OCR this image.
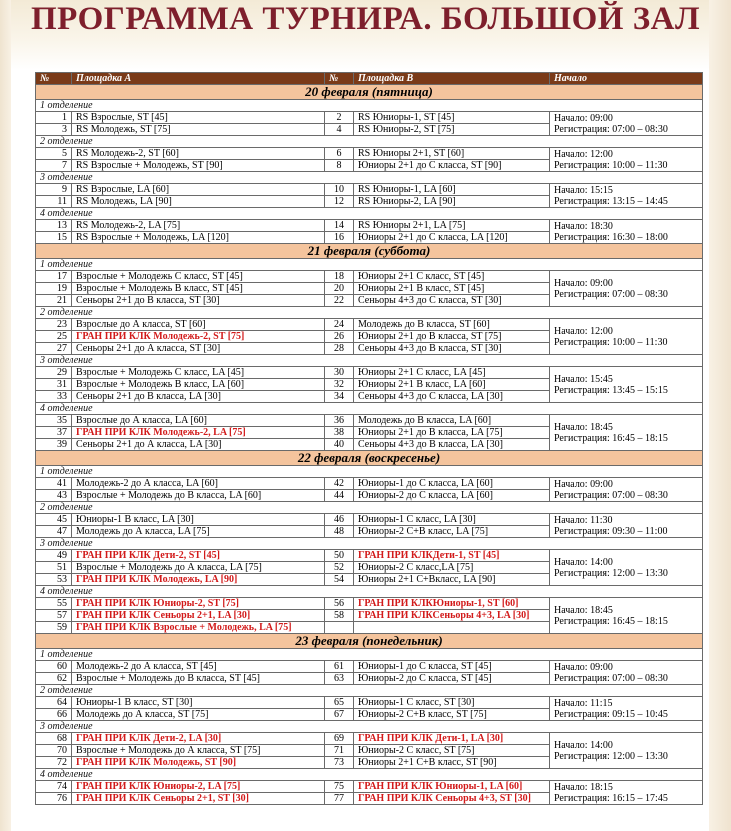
ПРОГРАММА ТУРНИРА. БОЛЬШОЙ ЗАЛ
№	Площадка А	№	Площадка В	Начало
20 февраля (пятница)				
1 отделение				
1	RS Взрослые, ST [45]	2	RS Юниоры-1, ST [45]	Начало: 09:00
Регистрация: 07:00 – 08:30

3	RS Молодежь, ST [75]	4	RS Юниоры-2, ST [75]	
2 отделение				
5	RS Молодежь-2, ST [60]	6	RS Юниоры 2+1, ST [60]	Начало: 12:00
Регистрация: 10:00 – 11:30

7	RS Взрослые + Молодежь, ST [90]	8	Юниоры 2+1 до С класса, ST [90]	
3 отделение				
9	RS Взрослые, LA [60]	10	RS Юниоры-1, LA [60]	Начало: 15:15
Регистрация: 13:15 – 14:45

11	RS Молодежь, LA [90]	12	RS Юниоры-2, LA [90]	
4 отделение				
13	RS Молодежь-2, LA [75]	14	RS Юниоры 2+1, LA [75]	Начало: 18:30
Регистрация: 16:30 – 18:00

15	RS Взрослые + Молодежь, LA [120]	16	Юниоры 2+1 до С класса, LA [120]	
21 февраля (суббота)				
1 отделение				
17	Взрослые + Молодежь С класс, ST [45]	18	Юниоры 2+1 С класс, ST [45]	Начало: 09:00
Регистрация: 07:00 – 08:30

19	Взрослые + Молодежь В класс, ST [45]	20	Юниоры 2+1 В класс, ST [45]	
21	Сеньоры 2+1 до В класса, ST [30]	22	Сеньоры 4+3 до С класса, ST [30]	
2 отделение				
23	Взрослые до А класса, ST [60]	24	Молодежь до В класса, ST [60]	Начало: 12:00
Регистрация: 10:00 – 11:30

25	ГРАН ПРИ КЛК Молодежь-2, ST [75]	26	Юниоры 2+1 до В класса, ST [75]	
27	Сеньоры 2+1 до А класса, ST [30]	28	Сеньоры 4+3 до В класса, ST [30]	
3 отделение				
29	Взрослые + Молодежь С класс, LA [45]	30	Юниоры 2+1 С класс, LA [45]	Начало: 15:45
Регистрация: 13:45 – 15:15

31	Взрослые + Молодежь В класс, LA [60]	32	Юниоры 2+1 В класс, LA [60]	
33	Сеньоры 2+1 до В класса, LA [30]	34	Сеньоры 4+3 до С класса, LA [30]	
4 отделение				
35	Взрослые до А класса, LA [60]	36	Молодежь до В класса, LA [60]	Начало: 18:45
Регистрация: 16:45 – 18:15

37	ГРАН ПРИ КЛК Молодежь-2, LA [75]	38	Юниоры 2+1 до В класса, LA [75]	
39	Сеньоры 2+1 до А класса, LA [30]	40	Сеньоры 4+3 до В класса, LA [30]	
22 февраля (воскресенье)				
1 отделение				
41	Молодежь-2 до А класса, LA [60]	42	Юниоры-1 до С класса, LA [60]	Начало: 09:00
Регистрация: 07:00 – 08:30

43	Взрослые + Молодежь до В класса, LA [60]	44	Юниоры-2 до С класса, LA [60]	
2 отделение				
45	Юниоры-1 В класс, LA [30]	46	Юниоры-1 С класс, LA [30]	Начало: 11:30
Регистрация: 09:30 – 11:00

47	Молодежь до А класса, LA [75]	48	Юниоры-2 С+В класс, LA [75]	
3 отделение				
49	ГРАН ПРИ КЛК Дети-2, ST [45]	50	ГРАН ПРИ КЛКДети-1, ST [45]	Начало: 14:00
Регистрация: 12:00 – 13:30

51	Взрослые + Молодежь до А класса, LA [75]	52	Юниоры-2 С класс,LA [75]	
53	ГРАН ПРИ КЛК Молодежь, LA [90]	54	Юниоры 2+1 С+Вкласс, LA [90]	
4 отделение				
55	ГРАН ПРИ КЛК Юниоры-2, ST [75]	56	ГРАН ПРИ КЛКЮниоры-1, ST [60]	Начало: 18:45
Регистрация: 16:45 – 18:15

57	ГРАН ПРИ КЛК Сеньоры 2+1, LA [30]	58	ГРАН ПРИ КЛКСеньоры 4+3, LA [30]	
59	ГРАН ПРИ КЛК Взрослые + Молодежь, LA [75]			
23 февраля (понедельник)				
1 отделение				
60	Молодежь-2 до А класса, ST [45]	61	Юниоры-1 до С класса, ST [45]	Начало: 09:00
Регистрация: 07:00 – 08:30

62	Взрослые + Молодежь до В класса, ST [45]	63	Юниоры-2 до С класса, ST [45]	
2 отделение				
64	Юниоры-1 В класс, ST [30]	65	Юниоры-1 С класс, ST [30]	Начало: 11:15
Регистрация: 09:15 – 10:45

66	Молодежь до А класса, ST [75]	67	Юниоры-2 С+В класс, ST [75]	
3 отделение				
68	ГРАН ПРИ КЛК Дети-2, LA [30]	69	ГРАН ПРИ КЛК Дети-1, LA [30]	Начало: 14:00
Регистрация: 12:00 – 13:30

70	Взрослые + Молодежь до А класса, ST [75]	71	Юниоры-2 С класс, ST [75]	
72	ГРАН ПРИ КЛК Молодежь, ST [90]	73	Юниоры 2+1 С+В класс, ST [90]	
4 отделение				
74	ГРАН ПРИ КЛК Юниоры-2, LA [75]	75	ГРАН ПРИ КЛК Юниоры-1, LA [60]	Начало: 18:15
Регистрация: 16:15 – 17:45

76	ГРАН ПРИ КЛК Сеньоры 2+1, ST [30]	77	ГРАН ПРИ КЛК Сеньоры 4+3, ST [30]	
